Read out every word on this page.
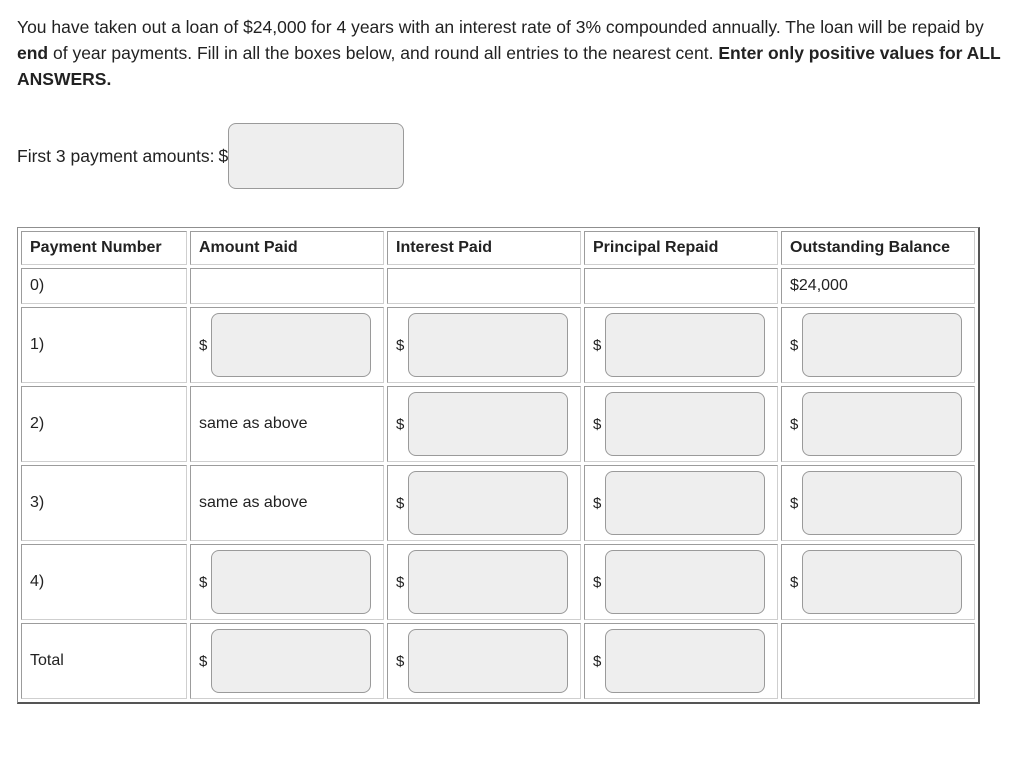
You have taken out a loan of $24,000 for 4 years with an interest rate of 3% compounded annually. The loan will be repaid by end of year payments. Fill in all the boxes below, and round all entries to the nearest cent. Enter only positive values for ALL ANSWERS.

First 3 payment amounts: $
Payment Number	Amount Paid	Interest Paid	Principal Repaid	Outstanding Balance
0)				$24,000
1)	$	$	$	$

2)	same as above	$	$	$

3)	same as above	$	$	$

4)	$	$	$	$

Total	$	$	$	
